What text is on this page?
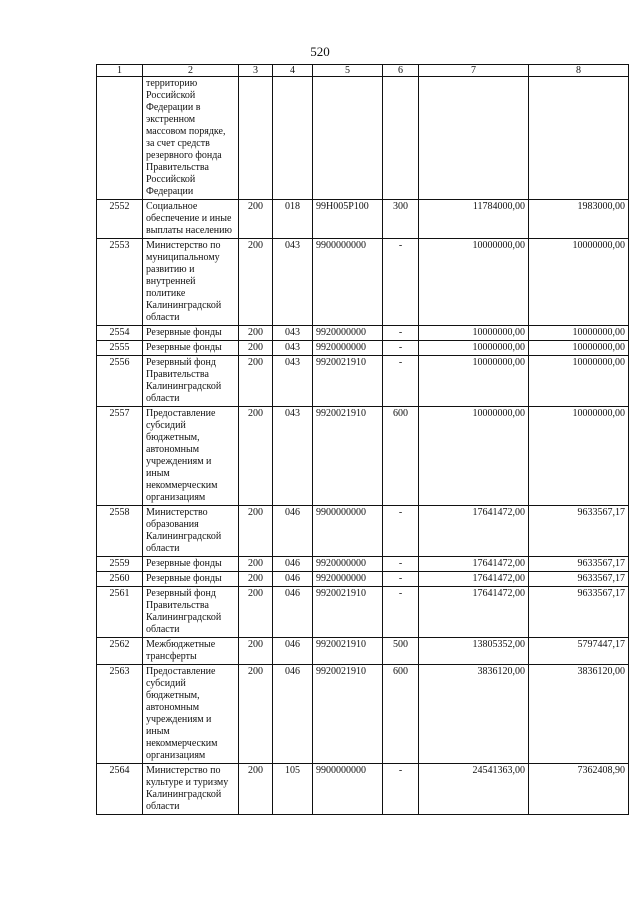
520
1	2	3	4	5	6	7	8
	территорию Российской Федерации в экстренном массовом порядке, за счет средств резервного фонда Правительства Российской Федерации						
2552	Социальное обеспечение и иные выплаты населению	200	018	99Н005Р100	300	11784000,00	1983000,00
2553	Министерство по муниципальному развитию и внутренней политике Калининградской области	200	043	9900000000	-	10000000,00	10000000,00
2554	Резервные фонды	200	043	9920000000	-	10000000,00	10000000,00
2555	Резервные фонды	200	043	9920000000	-	10000000,00	10000000,00
2556	Резервный фонд Правительства Калининградской области	200	043	9920021910	-	10000000,00	10000000,00
2557	Предоставление субсидий бюджетным, автономным учреждениям и иным некоммерческим организациям	200	043	9920021910	600	10000000,00	10000000,00
2558	Министерство образования Калининградской области	200	046	9900000000	-	17641472,00	9633567,17
2559	Резервные фонды	200	046	9920000000	-	17641472,00	9633567,17
2560	Резервные фонды	200	046	9920000000	-	17641472,00	9633567,17
2561	Резервный фонд Правительства Калининградской области	200	046	9920021910	-	17641472,00	9633567,17
2562	Межбюджетные трансферты	200	046	9920021910	500	13805352,00	5797447,17
2563	Предоставление субсидий бюджетным, автономным учреждениям и иным некоммерческим организациям	200	046	9920021910	600	3836120,00	3836120,00
2564	Министерство по культуре и туризму Калининградской области	200	105	9900000000	-	24541363,00	7362408,90
